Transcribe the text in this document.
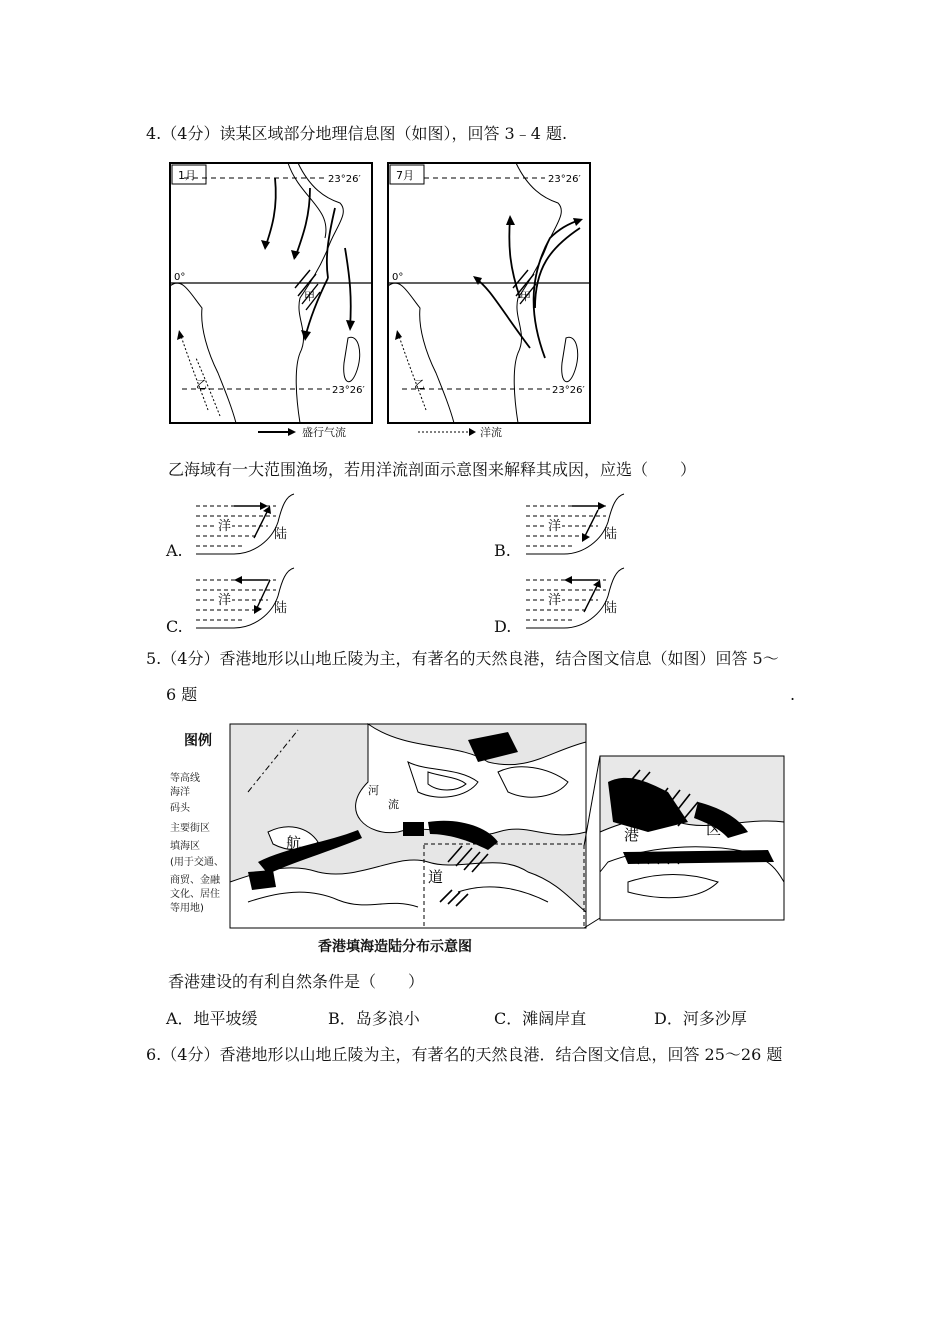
4.（4分）读某区域部分地理信息图（如图），回答 3﹣4 题.
1月	23°26′
0°
23°26′
甲
乙
7月	23°26′
0°
23°26′
甲
乙
盛行气流	洋流
乙海域有一大范围渔场，若用洋流剖面示意图来解释其成因，应选（　　）
A.	B.
C.	D.
洋
陆
洋
陆
洋
陆
洋
陆
5.（4分）香港地形以山地丘陵为主，有著名的天然良港，结合图文信息（如图）回答 5～
6 题	.
图例
等高线
海洋
码头
主要街区
填海区
(用于交通、
商贸、金融
文化、居住
等用地)
航
道
河
流
港	区
香港填海造陆分布示意图
香港建设的有利自然条件是（　　）
A．地平坡缓	B．岛多浪小	C．滩阔岸直	D．河多沙厚
6.（4分）香港地形以山地丘陵为主，有著名的天然良港．结合图文信息，回答 25～26 题
